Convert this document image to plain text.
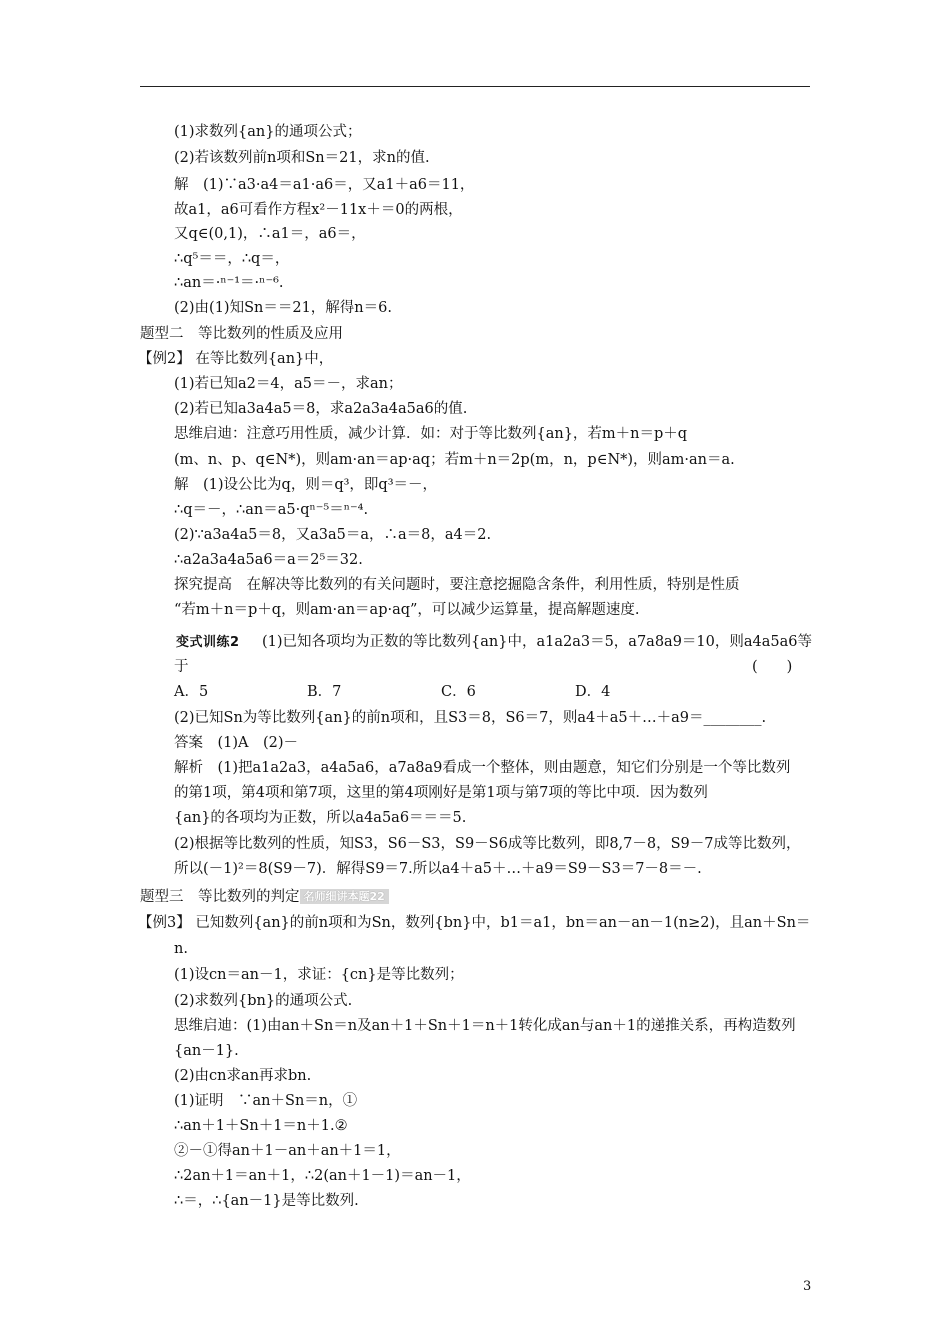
(1)求数列{an}的通项公式；
(2)若该数列前n项和Sn＝21，求n的值.
解　(1)∵a3·a4＝a1·a6＝，又a1＋a6＝11，
故a1，a6可看作方程x²－11x＋＝0的两根，
又q∈(0,1)，∴a1＝，a6＝，
∴q⁵＝＝，∴q＝，
∴an＝·ⁿ⁻¹＝·ⁿ⁻⁶.
(2)由(1)知Sn＝＝21，解得n＝6.
题型二　等比数列的性质及应用
【例2】 在等比数列{an}中，
(1)若已知a2＝4，a5＝－，求an；
(2)若已知a3a4a5＝8，求a2a3a4a5a6的值.
思维启迪：注意巧用性质，减少计算．如：对于等比数列{an}，若m＋n＝p＋q
(m、n、p、q∈N*)，则am·an＝ap·aq；若m＋n＝2p(m，n，p∈N*)，则am·an＝a.
解　(1)设公比为q，则＝q³，即q³＝－，
∴q＝－，∴an＝a5·qⁿ⁻⁵＝ⁿ⁻⁴.
(2)∵a3a4a5＝8，又a3a5＝a，∴a＝8，a4＝2.
∴a2a3a4a5a6＝a＝2⁵＝32.
探究提高　在解决等比数列的有关问题时，要注意挖掘隐含条件，利用性质，特别是性质
“若m＋n＝p＋q，则am·an＝ap·aq”，可以减少运算量，提高解题速度.
变式训练2 (1)已知各项均为正数的等比数列{an}中，a1a2a3＝5，a7a8a9＝10，则a4a5a6等
于	(　　)
A．5	B．7	C．6	D．4
(2)已知Sn为等比数列{an}的前n项和，且S3＝8，S6＝7，则a4＋a5＋…＋a9＝________.
答案　(1)A　(2)－
解析　(1)把a1a2a3，a4a5a6，a7a8a9看成一个整体，则由题意，知它们分别是一个等比数列
的第1项，第4项和第7项，这里的第4项刚好是第1项与第7项的等比中项．因为数列
{an}的各项均为正数，所以a4a5a6＝＝＝5.
(2)根据等比数列的性质，知S3，S6－S3，S9－S6成等比数列，即8,7－8，S9－7成等比数列，
所以(－1)²＝8(S9－7)．解得S9＝7.所以a4＋a5＋…＋a9＝S9－S3＝7－8＝－.
题型三　等比数列的判定 名师细讲本题22
【例3】 已知数列{an}的前n项和为Sn，数列{bn}中，b1＝a1，bn＝an－an－1(n≥2)，且an＋Sn＝
n.
(1)设cn＝an－1，求证：{cn}是等比数列；
(2)求数列{bn}的通项公式.
思维启迪：(1)由an＋Sn＝n及an＋1＋Sn＋1＝n＋1转化成an与an＋1的递推关系，再构造数列
{an－1}.
(2)由cn求an再求bn.
(1)证明　∵an＋Sn＝n，①
∴an＋1＋Sn＋1＝n＋1.②
②－①得an＋1－an＋an＋1＝1，
∴2an＋1＝an＋1，∴2(an＋1－1)＝an－1，
∴＝，∴{an－1}是等比数列.
3
